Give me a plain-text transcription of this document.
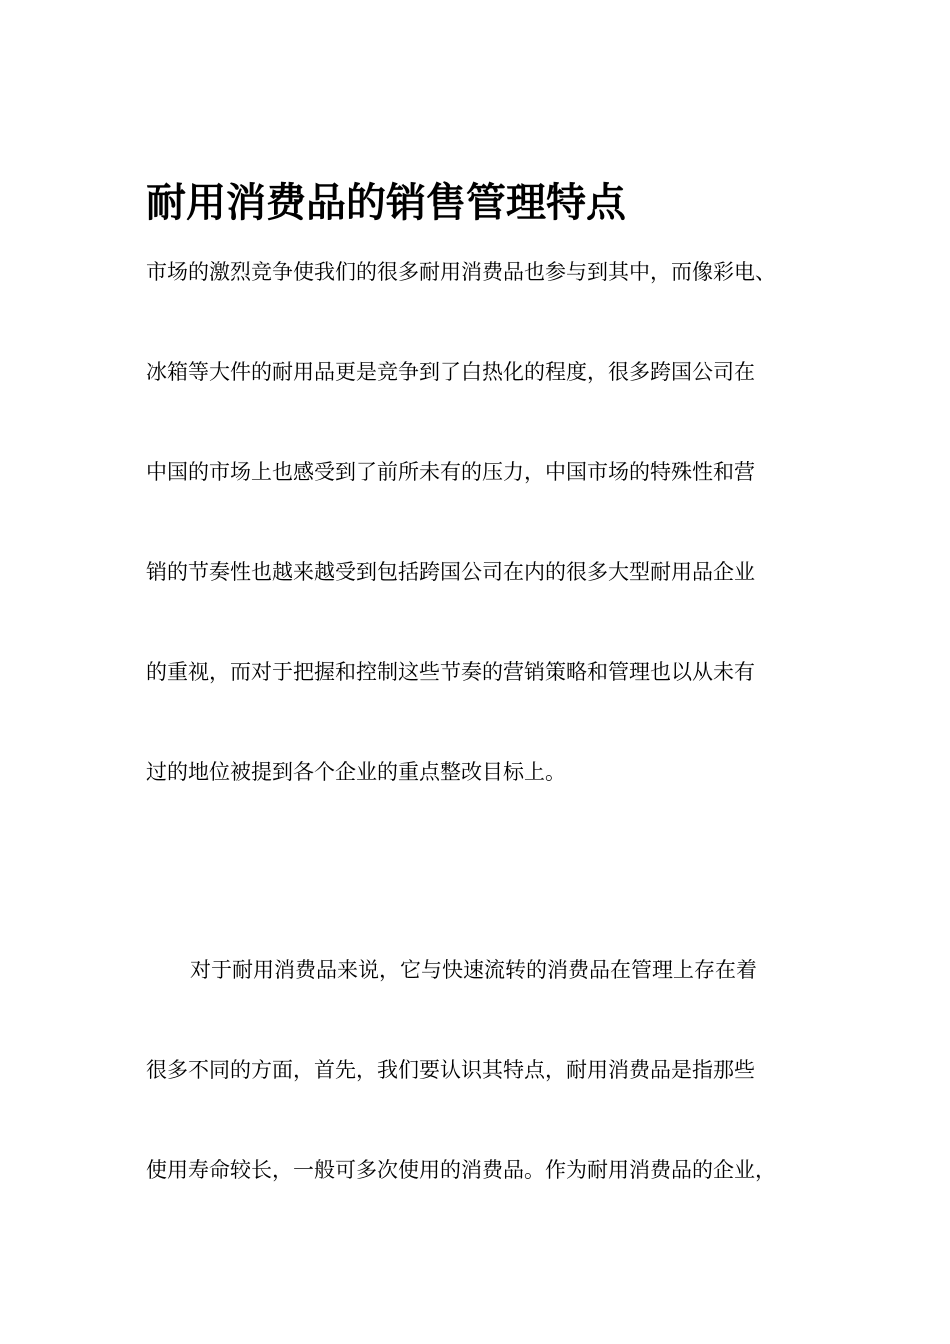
耐用消费品的销售管理特点

市场的激烈竞争使我们的很多耐用消费品也参与到其中，而像彩电、

冰箱等大件的耐用品更是竞争到了白热化的程度，很多跨国公司在

中国的市场上也感受到了前所未有的压力，中国市场的特殊性和营

销的节奏性也越来越受到包括跨国公司在内的很多大型耐用品企业

的重视，而对于把握和控制这些节奏的营销策略和管理也以从未有

过的地位被提到各个企业的重点整改目标上。

对于耐用消费品来说，它与快速流转的消费品在管理上存在着

很多不同的方面，首先，我们要认识其特点，耐用消费品是指那些

使用寿命较长，一般可多次使用的消费品。作为耐用消费品的企业，
